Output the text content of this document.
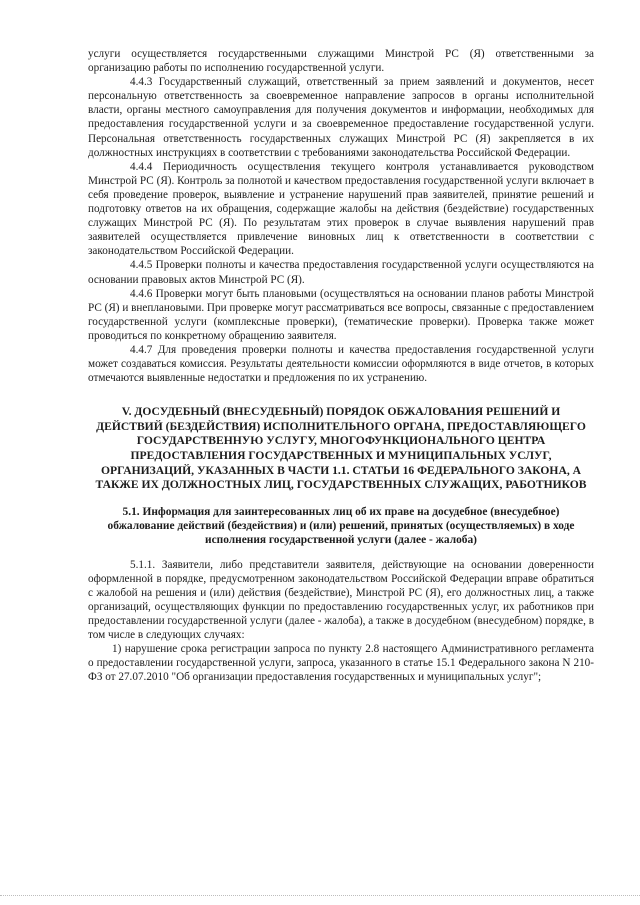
услуги осуществляется государственными служащими Минстрой РС (Я) ответственными за организацию работы по исполнению государственной услуги.

4.4.3 Государственный служащий, ответственный за прием заявлений и документов, несет персональную ответственность за своевременное направление запросов в органы исполнительной власти, органы местного самоуправления для получения документов и информации, необходимых для предоставления государственной услуги и за своевременное предоставление государственной услуги. Персональная ответственность государственных служащих Минстрой РС (Я) закрепляется в их должностных инструкциях в соответствии с требованиями законодательства Российской Федерации.

4.4.4 Периодичность осуществления текущего контроля устанавливается руководством Минстрой РС (Я). Контроль за полнотой и качеством предоставления государственной услуги включает в себя проведение проверок, выявление и устранение нарушений прав заявителей, принятие решений и подготовку ответов на их обращения, содержащие жалобы на действия (бездействие) государственных служащих Минстрой РС (Я). По результатам этих проверок в случае выявления нарушений прав заявителей осуществляется привлечение виновных лиц к ответственности в соответствии с законодательством Российской Федерации.

4.4.5 Проверки полноты и качества предоставления государственной услуги осуществляются на основании правовых актов Минстрой РС (Я).

4.4.6 Проверки могут быть плановыми (осуществляться на основании планов работы Минстрой РС (Я) и внеплановыми. При проверке могут рассматриваться все вопросы, связанные с предоставлением государственной услуги (комплексные проверки), (тематические проверки). Проверка также может проводиться по конкретному обращению заявителя.

4.4.7 Для проведения проверки полноты и качества предоставления государственной услуги может создаваться комиссия. Результаты деятельности комиссии оформляются в виде отчетов, в которых отмечаются выявленные недостатки и предложения по их устранению.

V. ДОСУДЕБНЫЙ (ВНЕСУДЕБНЫЙ) ПОРЯДОК ОБЖАЛОВАНИЯ РЕШЕНИЙ И ДЕЙСТВИЙ (БЕЗДЕЙСТВИЯ) ИСПОЛНИТЕЛЬНОГО ОРГАНА, ПРЕДОСТАВЛЯЮЩЕГО ГОСУДАРСТВЕННУЮ УСЛУГУ, МНОГОФУНКЦИОНАЛЬНОГО ЦЕНТРА ПРЕДОСТАВЛЕНИЯ ГОСУДАРСТВЕННЫХ И МУНИЦИПАЛЬНЫХ УСЛУГ, ОРГАНИЗАЦИЙ, УКАЗАННЫХ В ЧАСТИ 1.1. СТАТЬИ 16 ФЕДЕРАЛЬНОГО ЗАКОНА, А ТАКЖЕ ИХ ДОЛЖНОСТНЫХ ЛИЦ, ГОСУДАРСТВЕННЫХ СЛУЖАЩИХ, РАБОТНИКОВ
5.1. Информация для заинтересованных лиц об их праве на досудебное (внесудебное) обжалование действий (бездействия) и (или) решений, принятых (осуществляемых) в ходе исполнения государственной услуги (далее - жалоба)

5.1.1. Заявители, либо представители заявителя, действующие на основании доверенности оформленной в порядке, предусмотренном законодательством Российской Федерации вправе обратиться с жалобой на решения и (или) действия (бездействие), Минстрой РС (Я), его должностных лиц, а также организаций, осуществляющих функции по предоставлению государственных услуг, их работников при предоставлении государственной услуги (далее - жалоба), а также в досудебном (внесудебном) порядке, в том числе в следующих случаях:

1) нарушение срока регистрации запроса по пункту 2.8 настоящего Административного регламента о предоставлении государственной услуги, запроса, указанного в статье 15.1 Федерального закона N 210-ФЗ от 27.07.2010 "Об организации предоставления государственных и муниципальных услуг";
